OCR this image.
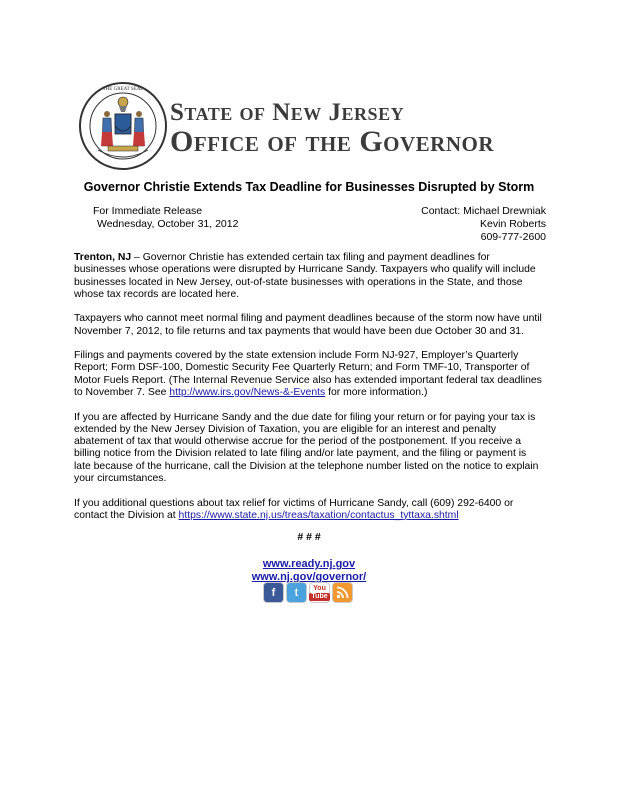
THE GREAT SEAL
State of New Jersey
Office of the Governor
Governor Christie Extends Tax Deadline for Businesses Disrupted by Storm
For Immediate Release
Wednesday, October 31, 2012
Contact: Michael Drewniak
Kevin Roberts
609-777-2600

Trenton, NJ – Governor Christie has extended certain tax filing and payment deadlines for businesses whose operations were disrupted by Hurricane Sandy. Taxpayers who qualify will include businesses located in New Jersey, out-of-state businesses with operations in the State, and those whose tax records are located here.

Taxpayers who cannot meet normal filing and payment deadlines because of the storm now have until November 7, 2012, to file returns and tax payments that would have been due October 30 and 31.

Filings and payments covered by the state extension include Form NJ-927, Employer’s Quarterly Report; Form DSF-100, Domestic Security Fee Quarterly Return; and Form TMF-10, Transporter of Motor Fuels Report. (The Internal Revenue Service also has extended important federal tax deadlines to November 7. See http://www.irs.gov/News-&-Events for more information.)

If you are affected by Hurricane Sandy and the due date for filing your return or for paying your tax is extended by the New Jersey Division of Taxation, you are eligible for an interest and penalty abatement of tax that would otherwise accrue for the period of the postponement. If you receive a billing notice from the Division related to late filing and/or late payment, and the filing or payment is late because of the hurricane, call the Division at the telephone number listed on the notice to explain your circumstances.

If you additional questions about tax relief for victims of Hurricane Sandy, call (609) 292-6400 or contact the Division at https://www.state.nj.us/treas/taxation/contactus_tyttaxa.shtml

# # #
www.ready.nj.gov
www.nj.gov/governor/
f t You
Tube
